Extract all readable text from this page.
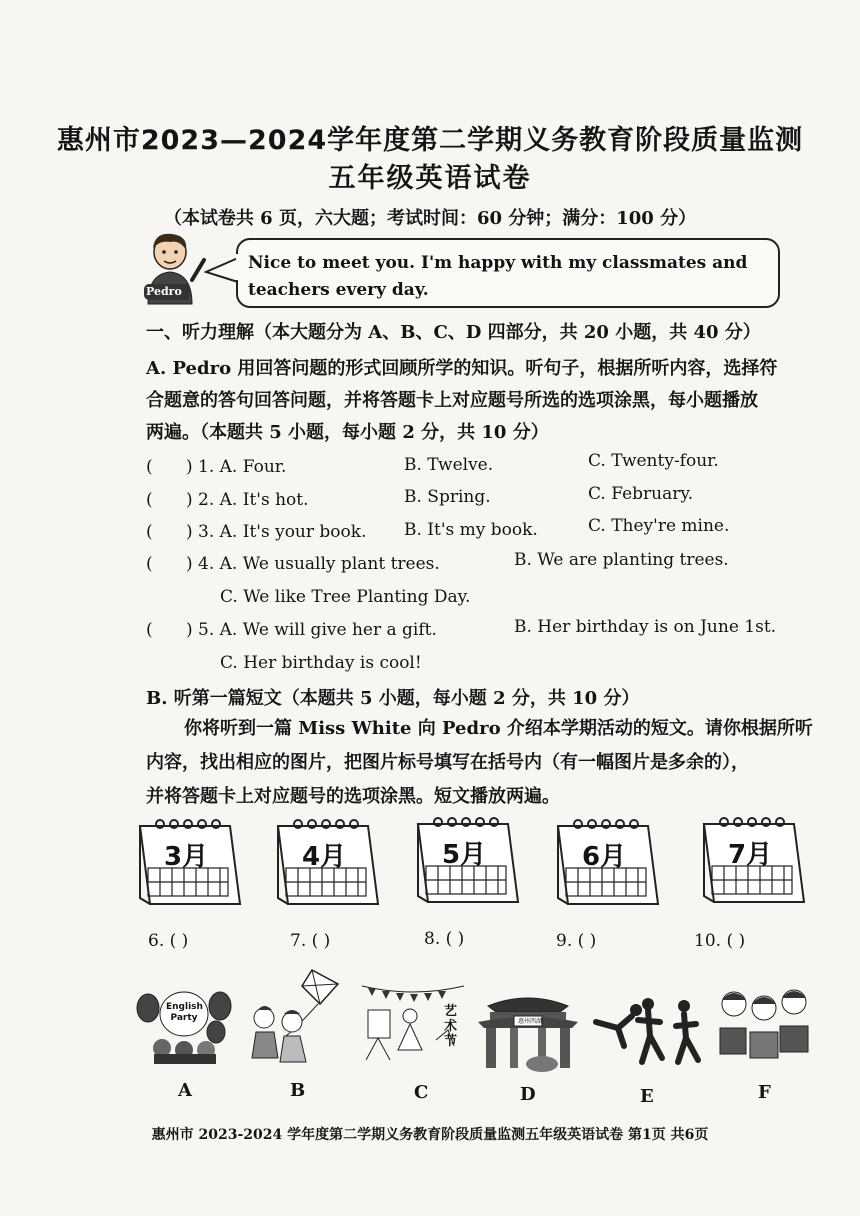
惠州市2023—2024学年度第二学期义务教育阶段质量监测
五年级英语试卷
（本试卷共 6 页，六大题；考试时间：60 分钟；满分：100 分）
Pedro
Nice to meet you. I'm happy with my classmates and teachers every day.
一、听力理解（本大题分为 A、B、C、D 四部分，共 20 小题，共 40 分）
A. Pedro 用回答问题的形式回顾所学的知识。听句子，根据所听内容，选择符
合题意的答句回答问题，并将答题卡上对应题号所选的选项涂黑，每小题播放
两遍。（本题共 5 小题，每小题 2 分，共 10 分）
( ) 1. A. Four.	B. Twelve.	C. Twenty-four.
( ) 2. A. It's hot.	B. Spring.	C. February.
( ) 3. A. It's your book. B. It's my book.	C. They're mine.
( ) 4. A. We usually plant trees.	B. We are planting trees.
C. We like Tree Planting Day.
( ) 5. A. We will give her a gift.	B. Her birthday is on June 1st.
C. Her birthday is cool!
B. 听第一篇短文（本题共 5 小题，每小题 2 分，共 10 分）
你将听到一篇 Miss White 向 Pedro 介绍本学期活动的短文。请你根据所听
内容，找出相应的图片，把图片标号填写在括号内（有一幅图片是多余的），
并将答题卡上对应题号的选项涂黑。短文播放两遍。
3月	4月	5月	6月	7月
6. ( )	7. ( )	8. ( )	9. ( )	10. ( )
English Party	艺术节
惠州西湖
A	B	C	D	E	F
惠州市 2023-2024 学年度第二学期义务教育阶段质量监测五年级英语试卷 第1页 共6页
